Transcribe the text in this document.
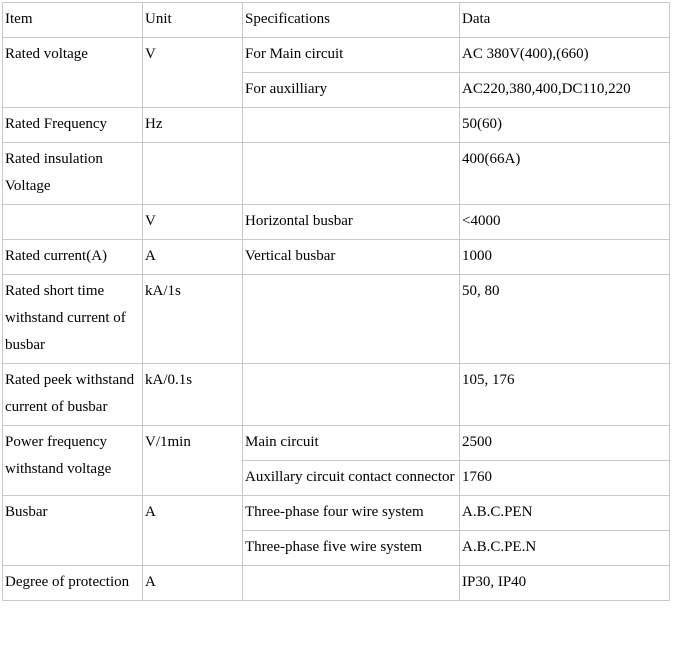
Item	Unit	Specifications	Data
Rated voltage	V	For Main circuit	AC 380V(400),(660)
		For auxilliary	AC220,380,400,DC110,220
Rated Frequency	Hz		50(60)
Rated insulation Voltage			400(66A)
	V	Horizontal busbar	<4000
Rated current(A)	A	Vertical busbar	1000
Rated short time withstand current of busbar	kA/1s		50, 80
Rated peek withstand current of busbar	kA/0.1s		105, 176
Power frequency withstand voltage	V/1min	Main circuit	2500
		Auxillary circuit contact connector	1760
Busbar	A	Three-phase four wire system	A.B.C.PEN
		Three-phase five wire system	A.B.C.PE.N
Degree of protection	A		IP30, IP40
